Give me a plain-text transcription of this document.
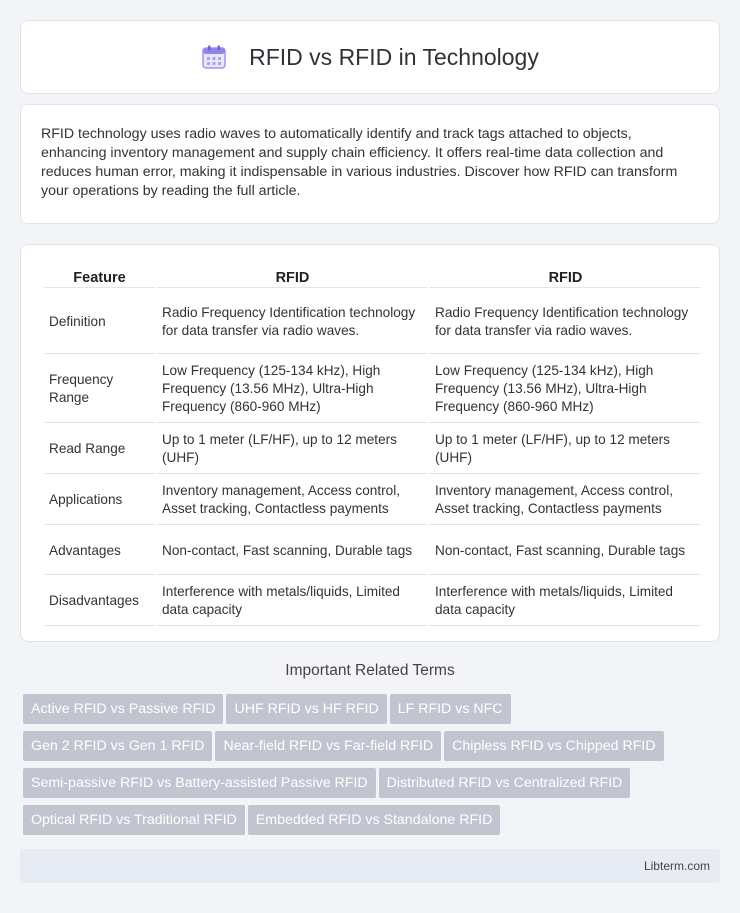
RFID vs RFID in Technology

RFID technology uses radio waves to automatically identify and track tags attached to objects, enhancing inventory management and supply chain efficiency. It offers real-time data collection and reduces human error, making it indispensable in various industries. Discover how RFID can transform your operations by reading the full article.

Feature	RFID	RFID
Definition	Radio Frequency Identification technology for data transfer via radio waves.	Radio Frequency Identification technology for data transfer via radio waves.
Frequency Range	Low Frequency (125-134 kHz), High Frequency (13.56 MHz), Ultra-High Frequency (860-960 MHz)	Low Frequency (125-134 kHz), High Frequency (13.56 MHz), Ultra-High Frequency (860-960 MHz)
Read Range	Up to 1 meter (LF/HF), up to 12 meters (UHF)	Up to 1 meter (LF/HF), up to 12 meters (UHF)
Applications	Inventory management, Access control, Asset tracking, Contactless payments	Inventory management, Access control, Asset tracking, Contactless payments
Advantages	Non-contact, Fast scanning, Durable tags	Non-contact, Fast scanning, Durable tags
Disadvantages	Interference with metals/liquids, Limited data capacity	Interference with metals/liquids, Limited data capacity
Important Related Terms
Active RFID vs Passive RFID UHF RFID vs HF RFID LF RFID vs NFC
Gen 2 RFID vs Gen 1 RFID Near-field RFID vs Far-field RFID Chipless RFID vs Chipped RFID
Semi-passive RFID vs Battery-assisted Passive RFID Distributed RFID vs Centralized RFID
Optical RFID vs Traditional RFID Embedded RFID vs Standalone RFID
Libterm.com
